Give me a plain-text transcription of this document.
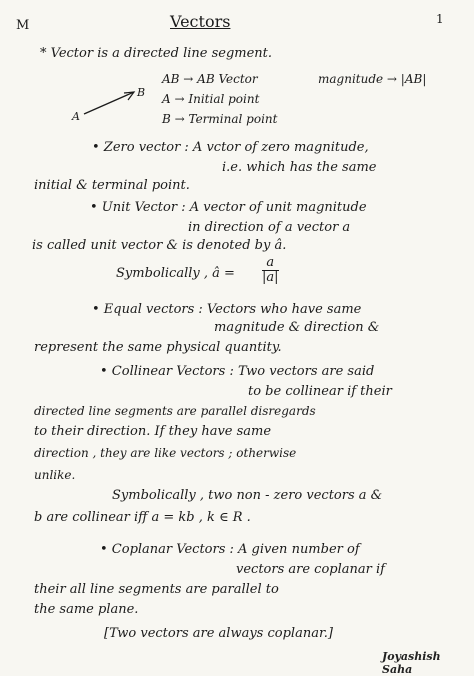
M	Vectors	1
* Vector is a directed line segment.
A
B
AB → AB Vector	magnitude → |AB|
A → Initial point
B → Terminal point
• Zero vector : A vctor of zero magnitude,
i.e. which has the same
initial & terminal point.
• Unit Vector : A vector of unit magnitude
in direction of a vector a
is called unit vector & is denoted by â.
Symbolically , â = $\frac{a}{|a|}$
• Equal vectors : Vectors who have same
magnitude & direction &
represent the same physical quantity.
• Collinear Vectors : Two vectors are said
to be collinear if their
directed line segments are parallel disregards
to their direction. If they have same
direction , they are like vectors ; otherwise
unlike.
Symbolically , two non - zero vectors a &
b are collinear iff a = kb , k ∈ R .
• Coplanar Vectors : A given number of
vectors are coplanar if
their all line segments are parallel to
the same plane.
[Two vectors are always coplanar.]
Joyashish Saha
